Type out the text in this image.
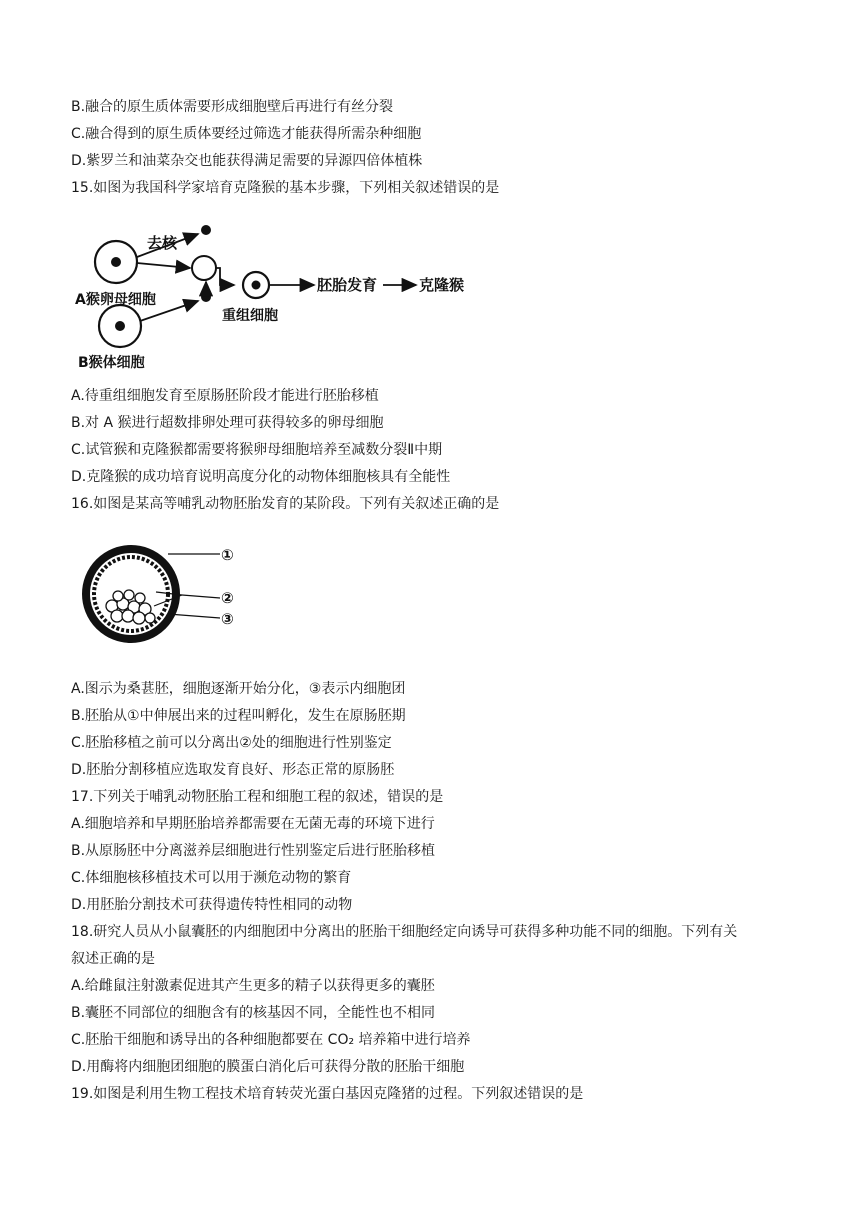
B.融合的原生质体需要形成细胞壁后再进行有丝分裂
C.融合得到的原生质体要经过筛选才能获得所需杂种细胞
D.紫罗兰和油菜杂交也能获得满足需要的异源四倍体植株
15.如图为我国科学家培育克隆猴的基本步骤，下列相关叙述错误的是
胚胎发育	克隆猴
去核
A猴卵母细胞
重组细胞
B猴体细胞
A.待重组细胞发育至原肠胚阶段才能进行胚胎移植
B.对 A 猴进行超数排卵处理可获得较多的卵母细胞
C.试管猴和克隆猴都需要将猴卵母细胞培养至减数分裂Ⅱ中期
D.克隆猴的成功培育说明高度分化的动物体细胞核具有全能性
16.如图是某高等哺乳动物胚胎发育的某阶段。下列有关叙述正确的是
①
②
③
A.图示为桑葚胚，细胞逐渐开始分化，③表示内细胞团
B.胚胎从①中伸展出来的过程叫孵化，发生在原肠胚期
C.胚胎移植之前可以分离出②处的细胞进行性别鉴定
D.胚胎分割移植应选取发育良好、形态正常的原肠胚
17.下列关于哺乳动物胚胎工程和细胞工程的叙述，错误的是
A.细胞培养和早期胚胎培养都需要在无菌无毒的环境下进行
B.从原肠胚中分离滋养层细胞进行性别鉴定后进行胚胎移植
C.体细胞核移植技术可以用于濒危动物的繁育
D.用胚胎分割技术可获得遗传特性相同的动物
18.研究人员从小鼠囊胚的内细胞团中分离出的胚胎干细胞经定向诱导可获得多种功能不同的细胞。下列有关
叙述正确的是
A.给雌鼠注射激素促进其产生更多的精子以获得更多的囊胚
B.囊胚不同部位的细胞含有的核基因不同，全能性也不相同
C.胚胎干细胞和诱导出的各种细胞都要在 CO₂ 培养箱中进行培养
D.用酶将内细胞团细胞的膜蛋白消化后可获得分散的胚胎干细胞
19.如图是利用生物工程技术培育转荧光蛋白基因克隆猪的过程。下列叙述错误的是
